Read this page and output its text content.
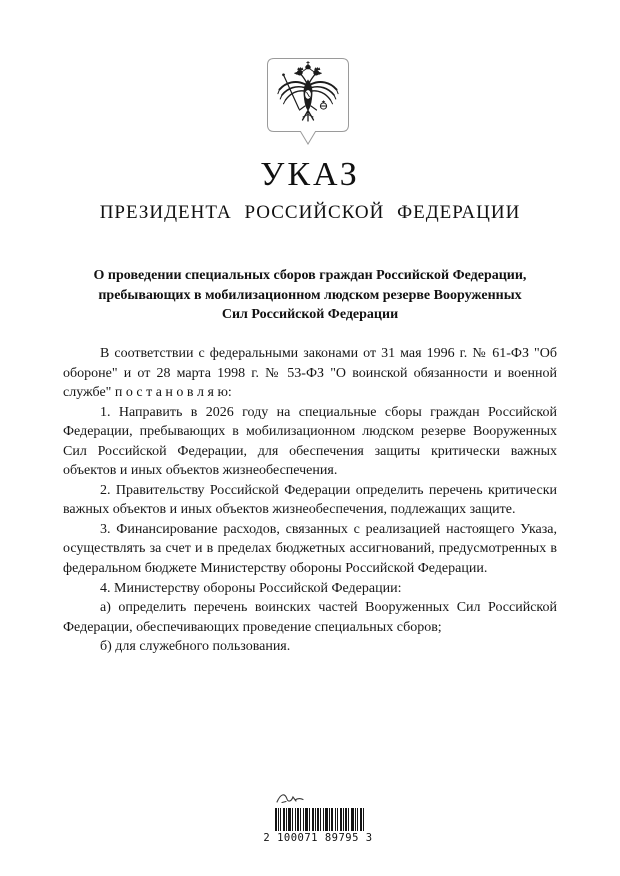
УКАЗ
ПРЕЗИДЕНТА РОССИЙСКОЙ ФЕДЕРАЦИИ
О проведении специальных сборов граждан Российской Федерации, пребывающих в мобилизационном людском резерве Вооруженных Сил Российской Федерации

В соответствии с федеральными законами от 31 мая 1996 г. № 61-ФЗ "Об обороне" и от 28 марта 1998 г. № 53-ФЗ "О воинской обязанности и военной службе" п о с т а н о в л я ю:

1. Направить в 2026 году на специальные сборы граждан Российской Федерации, пребывающих в мобилизационном людском резерве Вооруженных Сил Российской Федерации, для обеспечения защиты критически важных объектов и иных объектов жизнеобеспечения.

2. Правительству Российской Федерации определить перечень критически важных объектов и иных объектов жизнеобеспечения, подлежащих защите.

3. Финансирование расходов, связанных с реализацией настоящего Указа, осуществлять за счет и в пределах бюджетных ассигнований, предусмотренных в федеральном бюджете Министерству обороны Российской Федерации.

4. Министерству обороны Российской Федерации:

а) определить перечень воинских частей Вооруженных Сил Российской Федерации, обеспечивающих проведение специальных сборов;

б) для служебного пользования.

2 100071 89795 3
